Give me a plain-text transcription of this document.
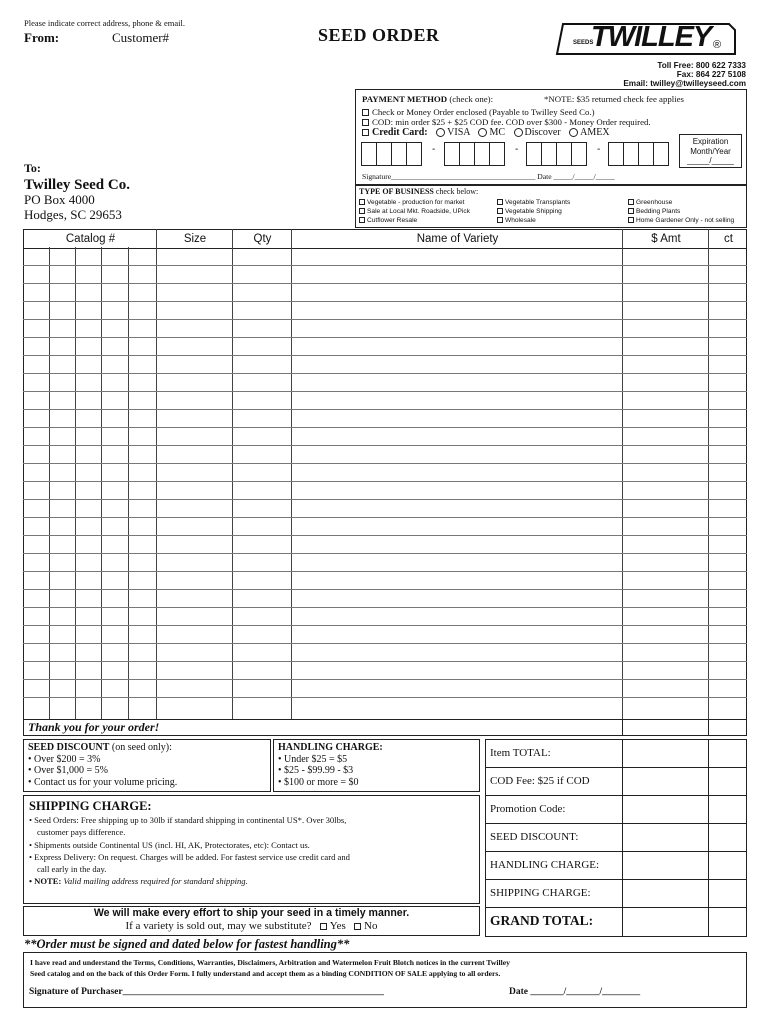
Please indicate correct address, phone & email.
From:	Customer#	SEED ORDER	SEEDS
TWILLEY ®
Toll Free: 800 622 7333
Fax: 864 227 5108
Email: twilley@twilleyseed.com
PAYMENT METHOD (check one):	*NOTE: $35 returned check fee applies
Check or Money Order enclosed (Payable to Twilley Seed Co.)
COD: min order $25 + $25 COD fee. COD over $300 - Money Order required.
Credit Card: VISA MC Discover AMEX
-	-	-
Expiration
Month/Year
_____/_____
Signature______________________________________ Date _____/_____/_____
To:
Twilley Seed Co.
PO Box 4000
Hodges, SC 29653
TYPE OF BUSINESS check below:
Vegetable - production for market
Sale at Local Mkt. Roadside, UPick
Cutflower Resale
Vegetable Transplants
Vegetable Shipping
Wholesale
Greenhouse
Bedding Plants
Home Gardener Only - not selling
Catalog #	Size	Qty	Name of Variety	$ Amt	ct
Thank you for your order!
SEED DISCOUNT (on seed only):
• Over $200 = 3%
• Over $1,000 = 5%
• Contact us for your volume pricing.
HANDLING CHARGE:
• Under $25 = $5
• $25 - $99.99 - $3
• $100 or more = $0
SHIPPING CHARGE:
• Seed Orders: Free shipping up to 30lb if standard shipping in continental US*. Over 30lbs,
customer pays difference.
• Shipments outside Continental US (incl. HI, AK, Protectorates, etc): Contact us.
• Express Delivery: On request. Charges will be added. For fastest service use credit card and
call early in the day.
• NOTE: Valid mailing address required for standard shipping.
We will make every effort to ship your seed in a timely manner.
If a variety is sold out, may we substitute? Yes No
Item TOTAL:
COD Fee: $25 if COD
Promotion Code:
SEED DISCOUNT:
HANDLING CHARGE:
SHIPPING CHARGE:
GRAND TOTAL:
**Order must be signed and dated below for fastest handling**
I have read and understand the Terms, Conditions, Warranties, Disclaimers, Arbitration and Watermelon Fruit Blotch notices in the current Twilley
Seed catalog and on the back of this Order Form. I fully understand and accept them as a binding CONDITION OF SALE applying to all orders.
Signature of Purchaser_______________________________________________________	Date _______/_______/________
